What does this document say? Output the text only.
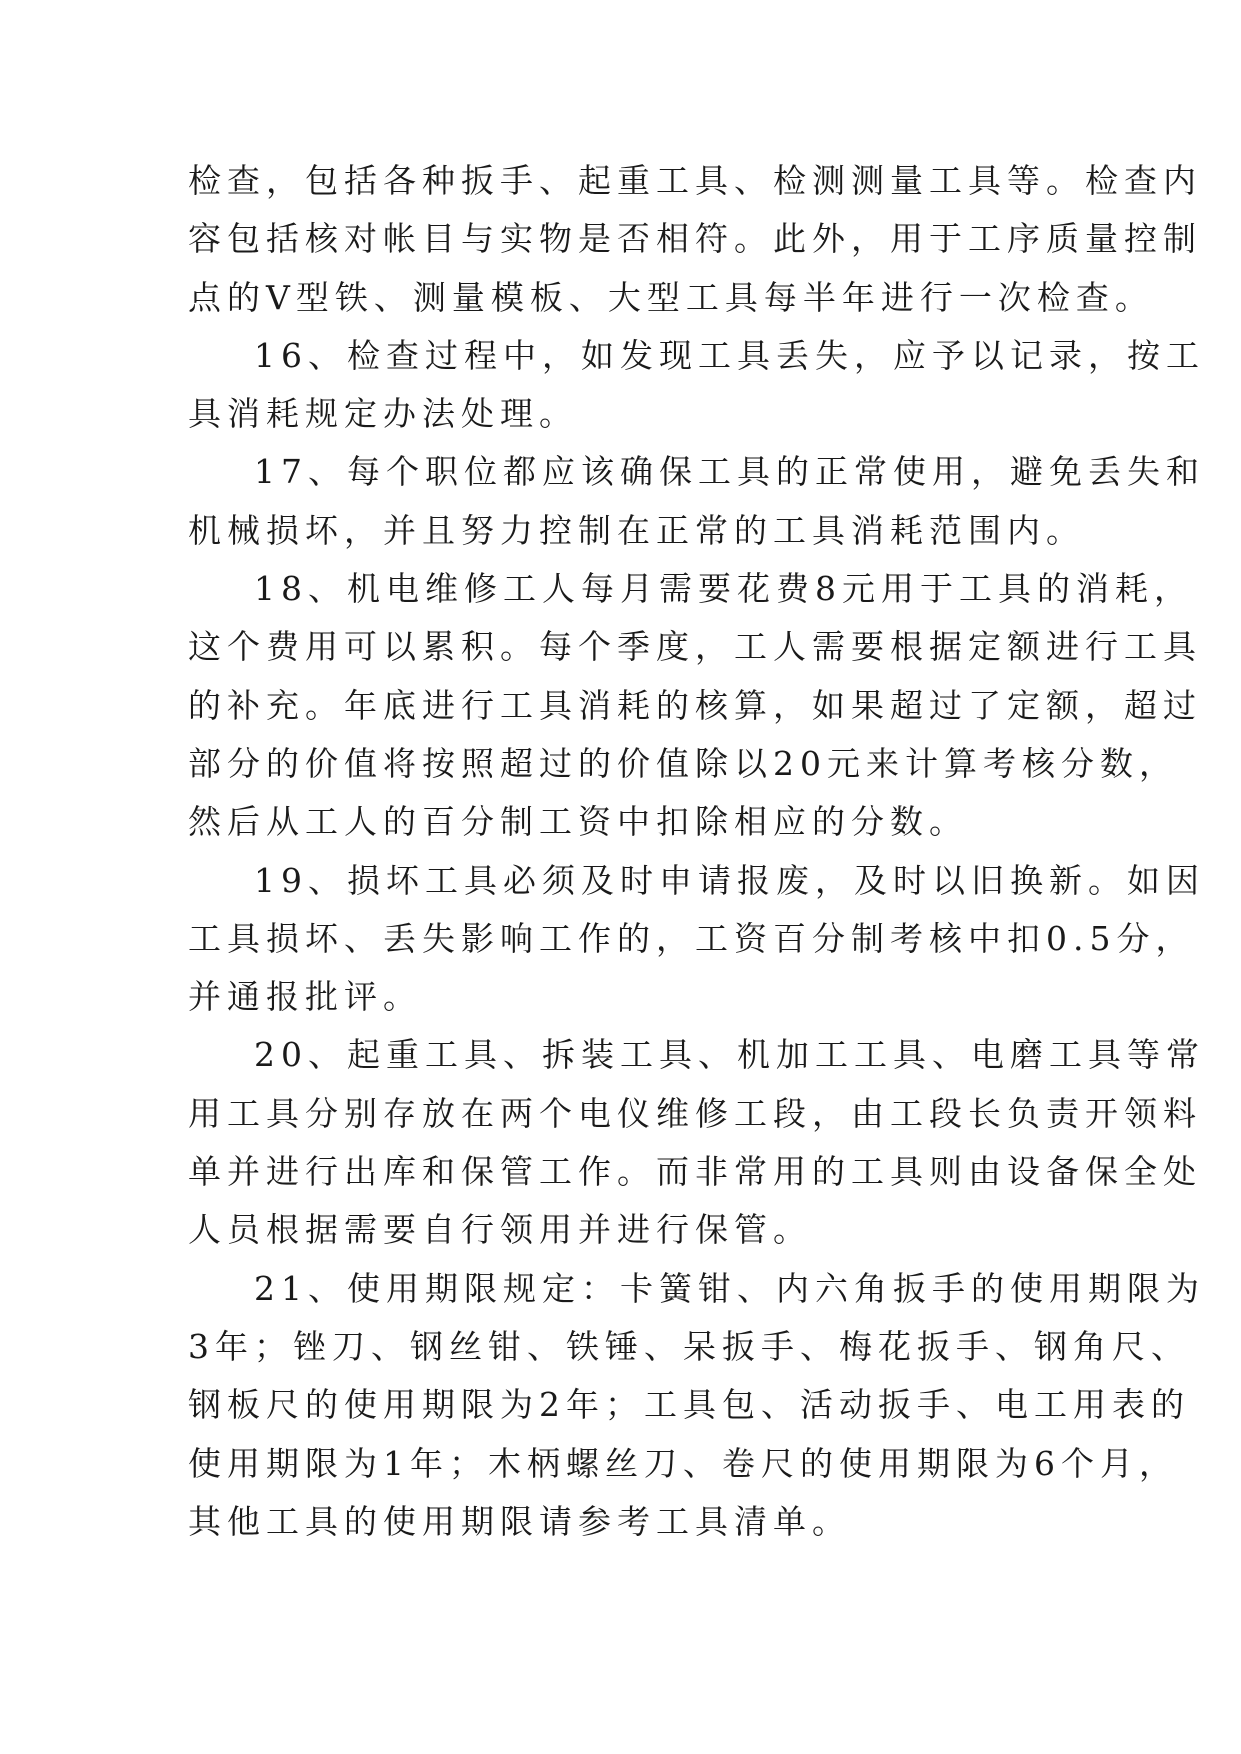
检查，包括各种扳手、起重工具、检测测量工具等。检查内
容包括核对帐目与实物是否相符。此外，用于工序质量控制
点的V型铁、测量模板、大型工具每半年进行一次检查。
16、检查过程中，如发现工具丢失，应予以记录，按工
具消耗规定办法处理。
17、每个职位都应该确保工具的正常使用，避免丢失和
机械损坏，并且努力控制在正常的工具消耗范围内。
18、机电维修工人每月需要花费8元用于工具的消耗，
这个费用可以累积。每个季度，工人需要根据定额进行工具
的补充。年底进行工具消耗的核算，如果超过了定额，超过
部分的价值将按照超过的价值除以20元来计算考核分数，
然后从工人的百分制工资中扣除相应的分数。
19、损坏工具必须及时申请报废，及时以旧换新。如因
工具损坏、丢失影响工作的，工资百分制考核中扣0.5分，
并通报批评。
20、起重工具、拆装工具、机加工工具、电磨工具等常
用工具分别存放在两个电仪维修工段，由工段长负责开领料
单并进行出库和保管工作。而非常用的工具则由设备保全处
人员根据需要自行领用并进行保管。
21、使用期限规定：卡簧钳、内六角扳手的使用期限为
3年；锉刀、钢丝钳、铁锤、呆扳手、梅花扳手、钢角尺、
钢板尺的使用期限为2年；工具包、活动扳手、电工用表的
使用期限为1年；木柄螺丝刀、卷尺的使用期限为6个月，
其他工具的使用期限请参考工具清单。
